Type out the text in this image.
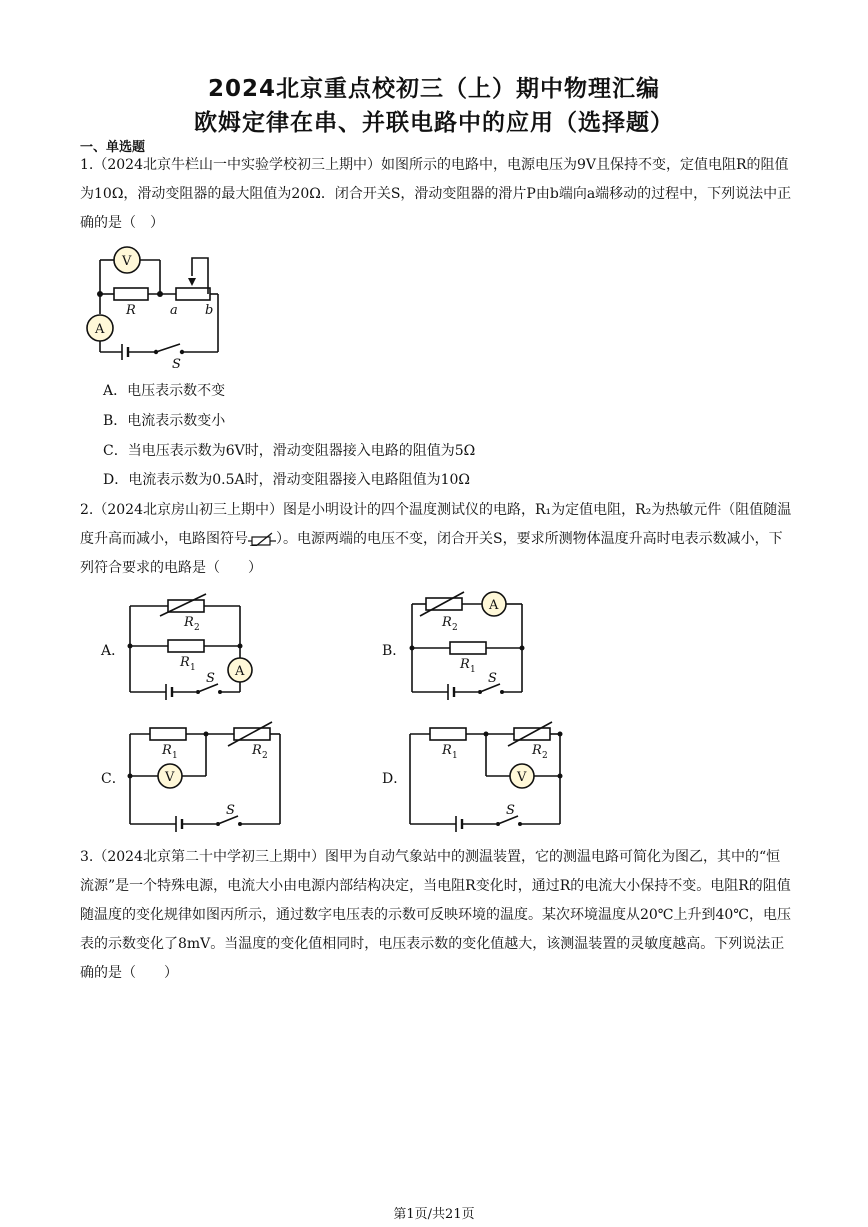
2024北京重点校初三（上）期中物理汇编
欧姆定律在串、并联电路中的应用（选择题）
一、单选题

1.（2024北京牛栏山一中实验学校初三上期中）如图所示的电路中，电源电压为9V且保持不变，定值电阻R的阻值为10Ω，滑动变阻器的最大阻值为20Ω．闭合开关S，滑动变阻器的滑片P由b端向a端移动的过程中，下列说法中正确的是（　）

V
R	a b
A
S
A．电压表示数不变
B．电流表示数变小
C．当电压表示数为6V时，滑动变阻器接入电路的阻值为5Ω
D．电流表示数为0.5A时，滑动变阻器接入电路阻值为10Ω

2.（2024北京房山初三上期中）图是小明设计的四个温度测试仪的电路，R₁为定值电阻，R₂为热敏元件（阻值随温度升高而减小，电路图符号 ）。电源两端的电压不变，闭合开关S，要求所测物体温度升高时电表示数减小，下列符合要求的电路是（　　）

A．
R 2
R 1	A
S
B．
A
R 2
R 1
S
C．
R 1	R 2
V
S
D．
R 1	R 2
V
S

3.（2024北京第二十中学初三上期中）图甲为自动气象站中的测温装置，它的测温电路可简化为图乙，其中的“恒流源”是一个特殊电源，电流大小由电源内部结构决定，当电阻R变化时，通过R的电流大小保持不变。电阻R的阻值随温度的变化规律如图丙所示，通过数字电压表的示数可反映环境的温度。某次环境温度从20℃上升到40℃，电压表的示数变化了8mV。当温度的变化值相同时，电压表示数的变化值越大，该测温装置的灵敏度越高。下列说法正确的是（　　）

第1页/共21页
